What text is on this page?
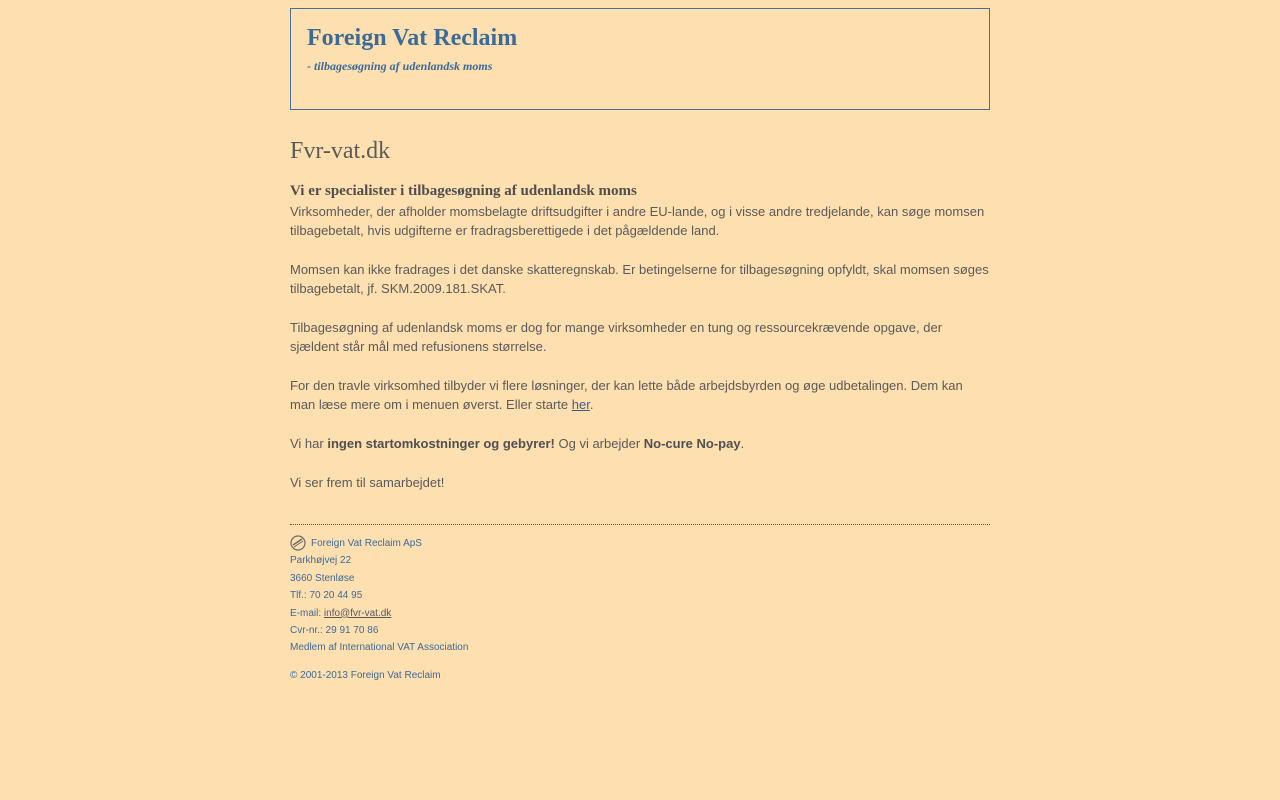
Foreign Vat Reclaim
- tilbagesøgning af udenlandsk moms
Fvr-vat.dk
Vi er specialister i tilbagesøgning af udenlandsk moms

Virksomheder, der afholder momsbelagte driftsudgifter i andre EU-lande, og i visse andre tredjelande, kan søge momsen tilbagebetalt, hvis udgifterne er fradragsberettigede i det pågældende land.

Momsen kan ikke fradrages i det danske skatteregnskab. Er betingelserne for tilbagesøgning opfyldt, skal momsen søges tilbagebetalt, jf. SKM.2009.181.SKAT.

Tilbagesøgning af udenlandsk moms er dog for mange virksomheder en tung og ressourcekrævende opgave, der sjældent står mål med refusionens størrelse.

For den travle virksomhed tilbyder vi flere løsninger, der kan lette både arbejdsbyrden og øge udbetalingen. Dem kan man læse mere om i menuen øverst. Eller starte her.

Vi har ingen startomkostninger og gebyrer! Og vi arbejder No-cure No-pay.

Vi ser frem til samarbejdet!

Foreign Vat Reclaim ApS
Parkhøjvej 22
3660 Stenløse
Tlf.: 70 20 44 95
E-mail: info@fvr-vat.dk
Cvr-nr.: 29 91 70 86
Medlem af International VAT Association
© 2001-2013 Foreign Vat Reclaim
